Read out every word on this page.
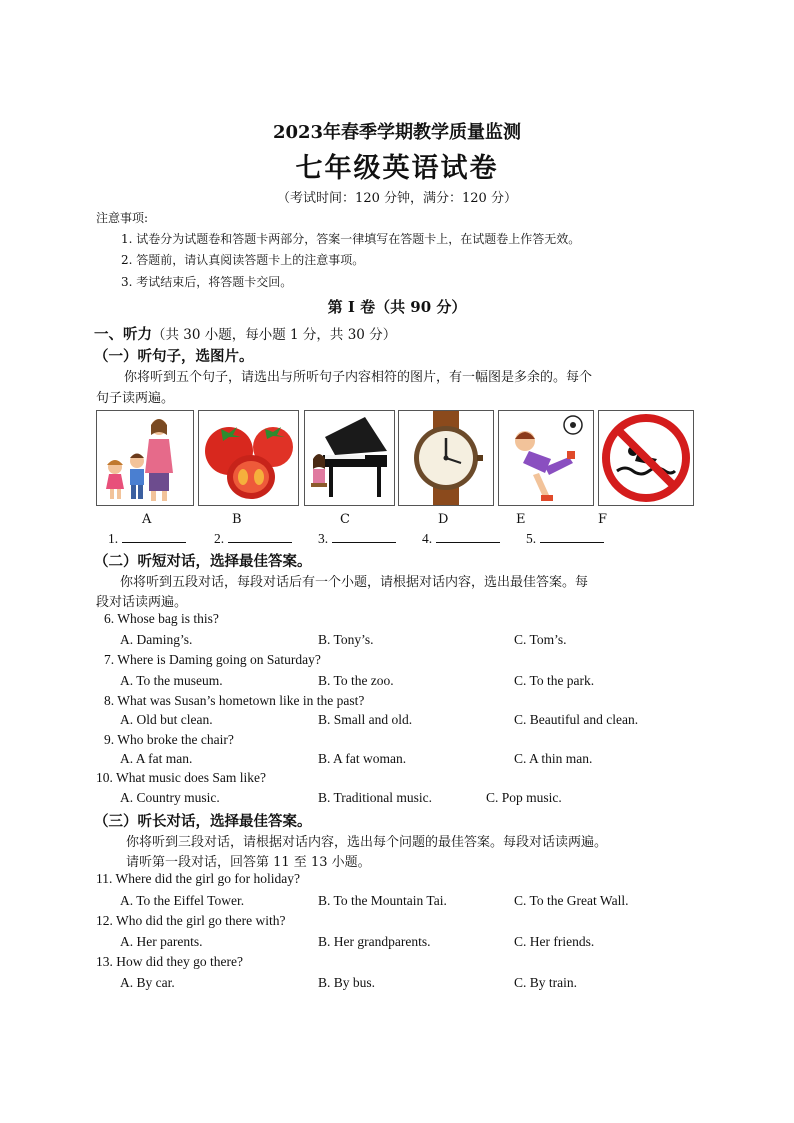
2023年春季学期教学质量监测
七年级英语试卷
（考试时间：120 分钟，满分：120 分）
注意事项:
1. 试卷分为试题卷和答题卡两部分，答案一律填写在答题卡上，在试题卷上作答无效。
2. 答题前，请认真阅读答题卡上的注意事项。
3. 考试结束后，将答题卡交回。
第 I 卷（共 90 分）
一、听力（共 30 小题，每小题 1 分，共 30 分）
（一）听句子，选图片。
你将听到五个句子，请选出与所听句子内容相符的图片，有一幅图是多余的。每个
句子读两遍。
A	B	C	D	E	F
1.	2.	3.	4.	5.
（二）听短对话，选择最佳答案。
你将听到五段对话，每段对话后有一个小题，请根据对话内容，选出最佳答案。每
段对话读两遍。
6. Whose bag is this?
A. Daming’s.	B. Tony’s.	C. Tom’s.
7. Where is Daming going on Saturday?
A. To the museum.	B. To the zoo.	C. To the park.
8. What was Susan’s hometown like in the past?
A. Old but clean.	B. Small and old.	C. Beautiful and clean.
9. Who broke the chair?
A. A fat man.	B. A fat woman.	C. A thin man.
10. What music does Sam like?
A. Country music.	B. Traditional music.	C. Pop music.
（三）听长对话，选择最佳答案。
你将听到三段对话，请根据对话内容，选出每个问题的最佳答案。每段对话读两遍。
请听第一段对话，回答第 11 至 13 小题。
11. Where did the girl go for holiday?
A. To the Eiffel Tower.	B. To the Mountain Tai.	C. To the Great Wall.
12. Who did the girl go there with?
A. Her parents.	B. Her grandparents.	C. Her friends.
13. How did they go there?
A. By car.	B. By bus.	C. By train.
